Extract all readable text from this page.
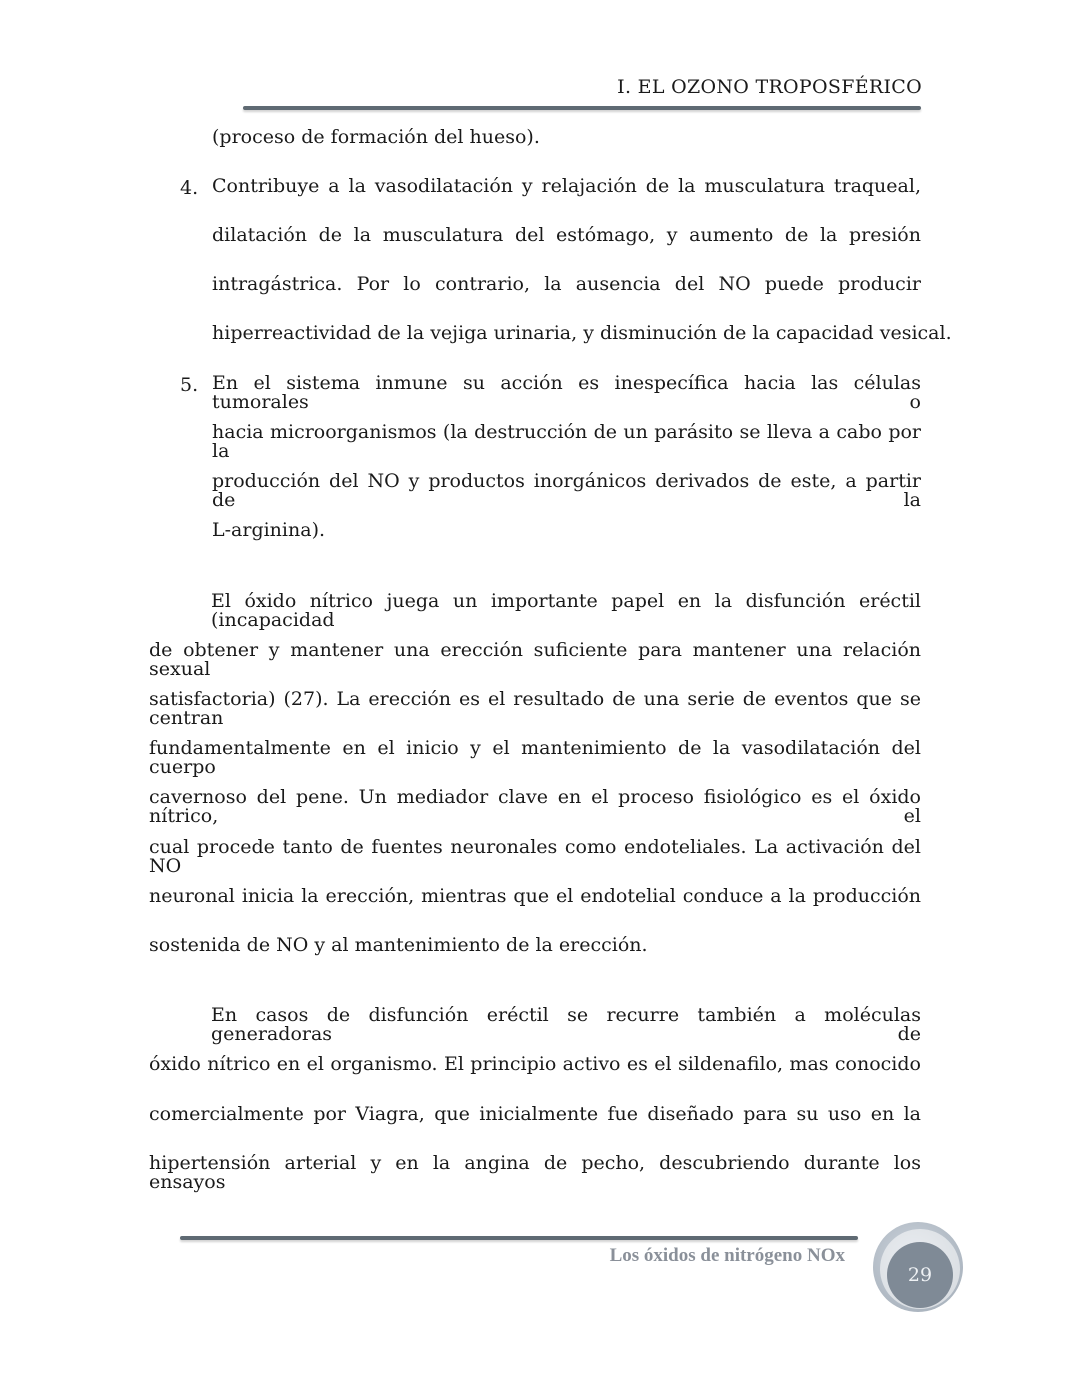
I. EL OZONO TROPOSFÉRICO
(proceso de formación del hueso).
4. Contribuye a la vasodilatación y relajación de la musculatura traqueal,
dilatación de la musculatura del estómago, y aumento de la presión
intragástrica. Por lo contrario, la ausencia del NO puede producir
hiperreactividad de la vejiga urinaria, y disminución de la capacidad vesical.
5. En el sistema inmune su acción es inespecífica hacia las células tumorales o
hacia microorganismos (la destrucción de un parásito se lleva a cabo por la
producción del NO y productos inorgánicos derivados de este, a partir de la
L-arginina).
El óxido nítrico juega un importante papel en la disfunción eréctil (incapacidad
de obtener y mantener una erección suficiente para mantener una relación sexual
satisfactoria) (27). La erección es el resultado de una serie de eventos que se centran
fundamentalmente en el inicio y el mantenimiento de la vasodilatación del cuerpo
cavernoso del pene. Un mediador clave en el proceso fisiológico es el óxido nítrico, el
cual procede tanto de fuentes neuronales como endoteliales. La activación del NO
neuronal inicia la erección, mientras que el endotelial conduce a la producción
sostenida de NO y al mantenimiento de la erección.
En casos de disfunción eréctil se recurre también a moléculas generadoras de
óxido nítrico en el organismo. El principio activo es el sildenafilo, mas conocido
comercialmente por Viagra, que inicialmente fue diseñado para su uso en la
hipertensión arterial y en la angina de pecho, descubriendo durante los ensayos
Los óxidos de nitrógeno NOx
29
